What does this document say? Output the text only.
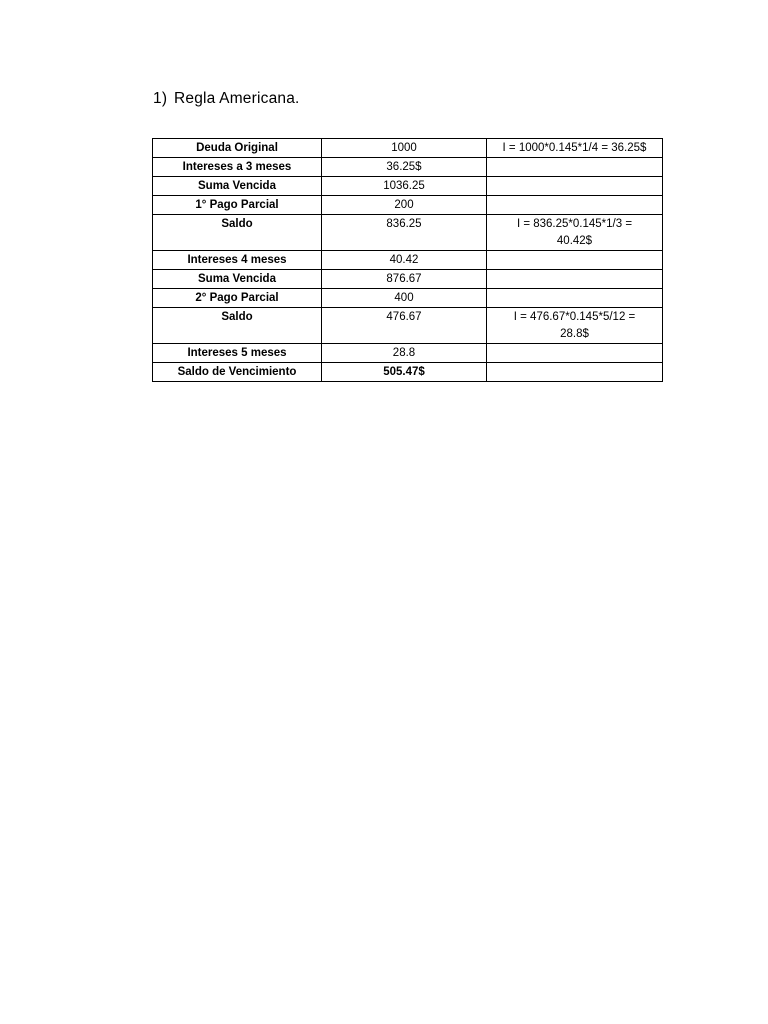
1) Regla Americana.
Deuda Original	1000	I = 1000*0.145*1/4 = 36.25$
Intereses a 3 meses	36.25$	
Suma Vencida	1036.25	
1° Pago Parcial	200	
Saldo	836.25	I = 836.25*0.145*1/3 = 40.42$
Intereses 4 meses	40.42	
Suma Vencida	876.67	
2° Pago Parcial	400	
Saldo	476.67	I = 476.67*0.145*5/12 = 28.8$
Intereses 5 meses	28.8	
Saldo de Vencimiento	505.47$	
